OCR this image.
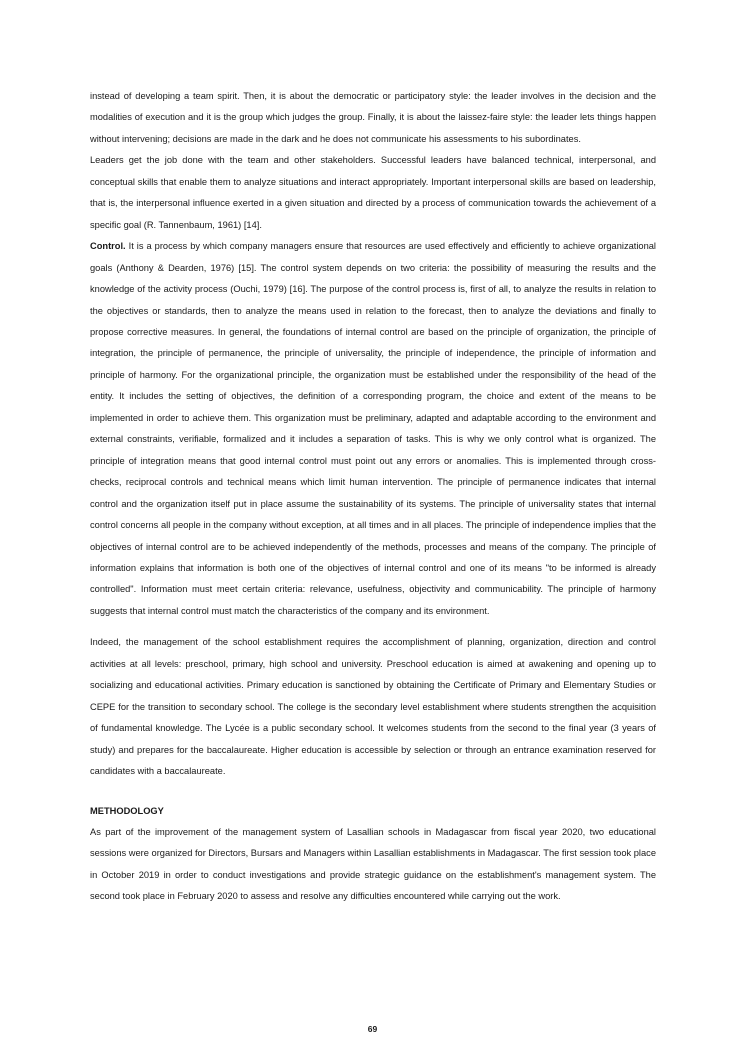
instead of developing a team spirit. Then, it is about the democratic or participatory style: the leader involves in the decision and the modalities of execution and it is the group which judges the group. Finally, it is about the laissez-faire style: the leader lets things happen without intervening; decisions are made in the dark and he does not communicate his assessments to his subordinates.

Leaders get the job done with the team and other stakeholders. Successful leaders have balanced technical, interpersonal, and conceptual skills that enable them to analyze situations and interact appropriately. Important interpersonal skills are based on leadership, that is, the interpersonal influence exerted in a given situation and directed by a process of communication towards the achievement of a specific goal (R. Tannenbaum, 1961) [14].

Control. It is a process by which company managers ensure that resources are used effectively and efficiently to achieve organizational goals (Anthony & Dearden, 1976) [15]. The control system depends on two criteria: the possibility of measuring the results and the knowledge of the activity process (Ouchi, 1979) [16]. The purpose of the control process is, first of all, to analyze the results in relation to the objectives or standards, then to analyze the means used in relation to the forecast, then to analyze the deviations and finally to propose corrective measures. In general, the foundations of internal control are based on the principle of organization, the principle of integration, the principle of permanence, the principle of universality, the principle of independence, the principle of information and principle of harmony. For the organizational principle, the organization must be established under the responsibility of the head of the entity. It includes the setting of objectives, the definition of a corresponding program, the choice and extent of the means to be implemented in order to achieve them. This organization must be preliminary, adapted and adaptable according to the environment and external constraints, verifiable, formalized and it includes a separation of tasks. This is why we only control what is organized. The principle of integration means that good internal control must point out any errors or anomalies. This is implemented through cross-checks, reciprocal controls and technical means which limit human intervention. The principle of permanence indicates that internal control and the organization itself put in place assume the sustainability of its systems. The principle of universality states that internal control concerns all people in the company without exception, at all times and in all places. The principle of independence implies that the objectives of internal control are to be achieved independently of the methods, processes and means of the company. The principle of information explains that information is both one of the objectives of internal control and one of its means "to be informed is already controlled". Information must meet certain criteria: relevance, usefulness, objectivity and communicability. The principle of harmony suggests that internal control must match the characteristics of the company and its environment.

Indeed, the management of the school establishment requires the accomplishment of planning, organization, direction and control activities at all levels: preschool, primary, high school and university. Preschool education is aimed at awakening and opening up to socializing and educational activities. Primary education is sanctioned by obtaining the Certificate of Primary and Elementary Studies or CEPE for the transition to secondary school. The college is the secondary level establishment where students strengthen the acquisition of fundamental knowledge. The Lycée is a public secondary school. It welcomes students from the second to the final year (3 years of study) and prepares for the baccalaureate. Higher education is accessible by selection or through an entrance examination reserved for candidates with a baccalaureate.

METHODOLOGY

As part of the improvement of the management system of Lasallian schools in Madagascar from fiscal year 2020, two educational sessions were organized for Directors, Bursars and Managers within Lasallian establishments in Madagascar. The first session took place in October 2019 in order to conduct investigations and provide strategic guidance on the establishment's management system. The second took place in February 2020 to assess and resolve any difficulties encountered while carrying out the work.

69
